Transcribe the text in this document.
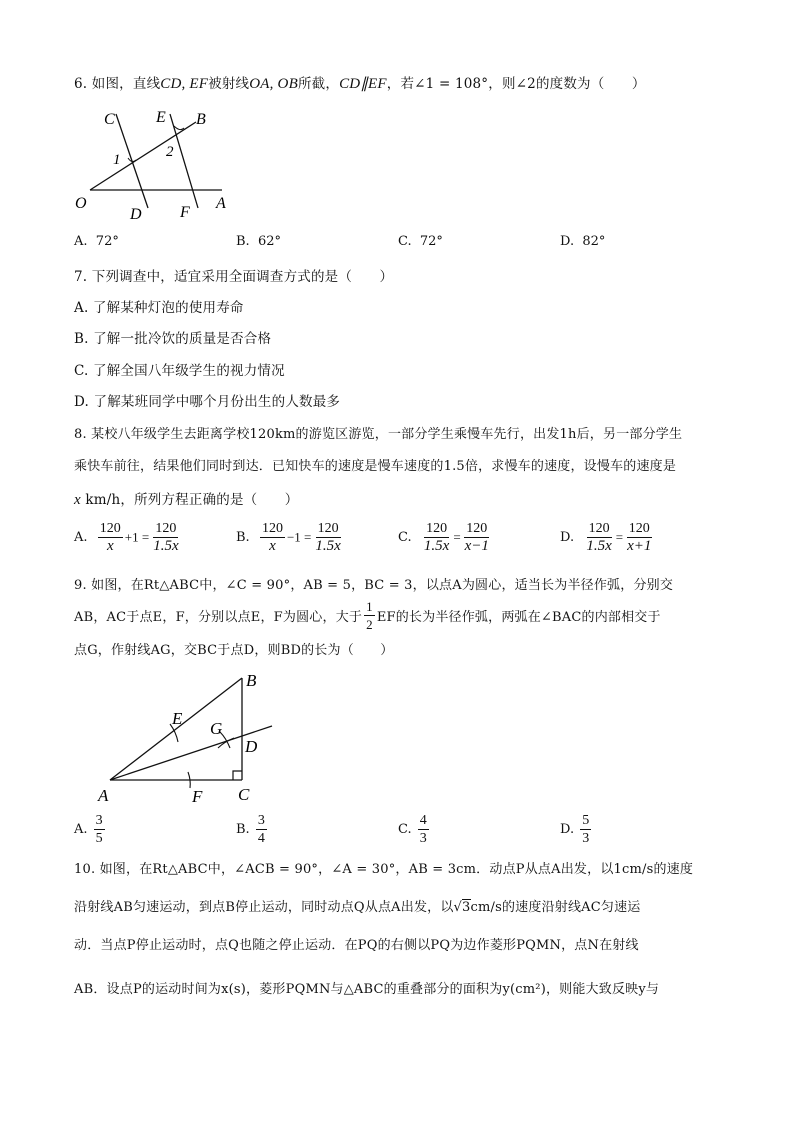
6. 如图，直线CD, EF被射线OA, OB所截，CD∥EF，若∠1 = 108°，则∠2的度数为（　　）
C	E B
1	2
O
D F
A
A. 72°	B. 62°	C. 72°	D. 82°
7. 下列调查中，适宜采用全面调查方式的是（　　）
A. 了解某种灯泡的使用寿命
B. 了解一批冷饮的质量是否合格
C. 了解全国八年级学生的视力情况
D. 了解某班同学中哪个月份出生的人数最多
8. 某校八年级学生去距离学校120km的游览区游览，一部分学生乘慢车先行，出发1h后，另一部分学生
乘快车前往，结果他们同时到达．已知快车的速度是慢车速度的1.5倍，求慢车的速度，设慢车的速度是
x km/h，所列方程正确的是（　　）
A. $\frac{120}{x} +1 = \frac{120}{1.5x}$	B. $\frac{120}{x} -1 = \frac{120}{1.5x}$	C. $\frac{120}{1.5x} = \frac{120}{x-1}$	D. $\frac{120}{1.5x} = \frac{120}{x+1}$
9. 如图，在Rt△ABC中，∠C = 90°，AB = 5，BC = 3，以点A为圆心，适当长为半径作弧，分别交
AB，AC于点E，F，分别以点E，F为圆心，大于 $\frac{1}{2}$ EF的长为半径作弧，两弧在∠BAC的内部相交于
点G，作射线AG，交BC于点D，则BD的长为（　　）
B
E
G
D
A	F C
A. $\frac{3}{5}$	B. $\frac{3}{4}$	C. $\frac{4}{3}$	D. $\frac{5}{3}$
10. 如图，在Rt△ABC中，∠ACB = 90°，∠A = 30°，AB = 3cm．动点P从点A出发，以1cm/s的速度
沿射线AB匀速运动，到点B停止运动，同时动点Q从点A出发，以√3cm/s的速度沿射线AC匀速运
动．当点P停止运动时，点Q也随之停止运动．在PQ的右侧以PQ为边作菱形PQMN，点N在射线
AB．设点P的运动时间为x(s)，菱形PQMN与△ABC的重叠部分的面积为y(cm²)，则能大致反映y与
